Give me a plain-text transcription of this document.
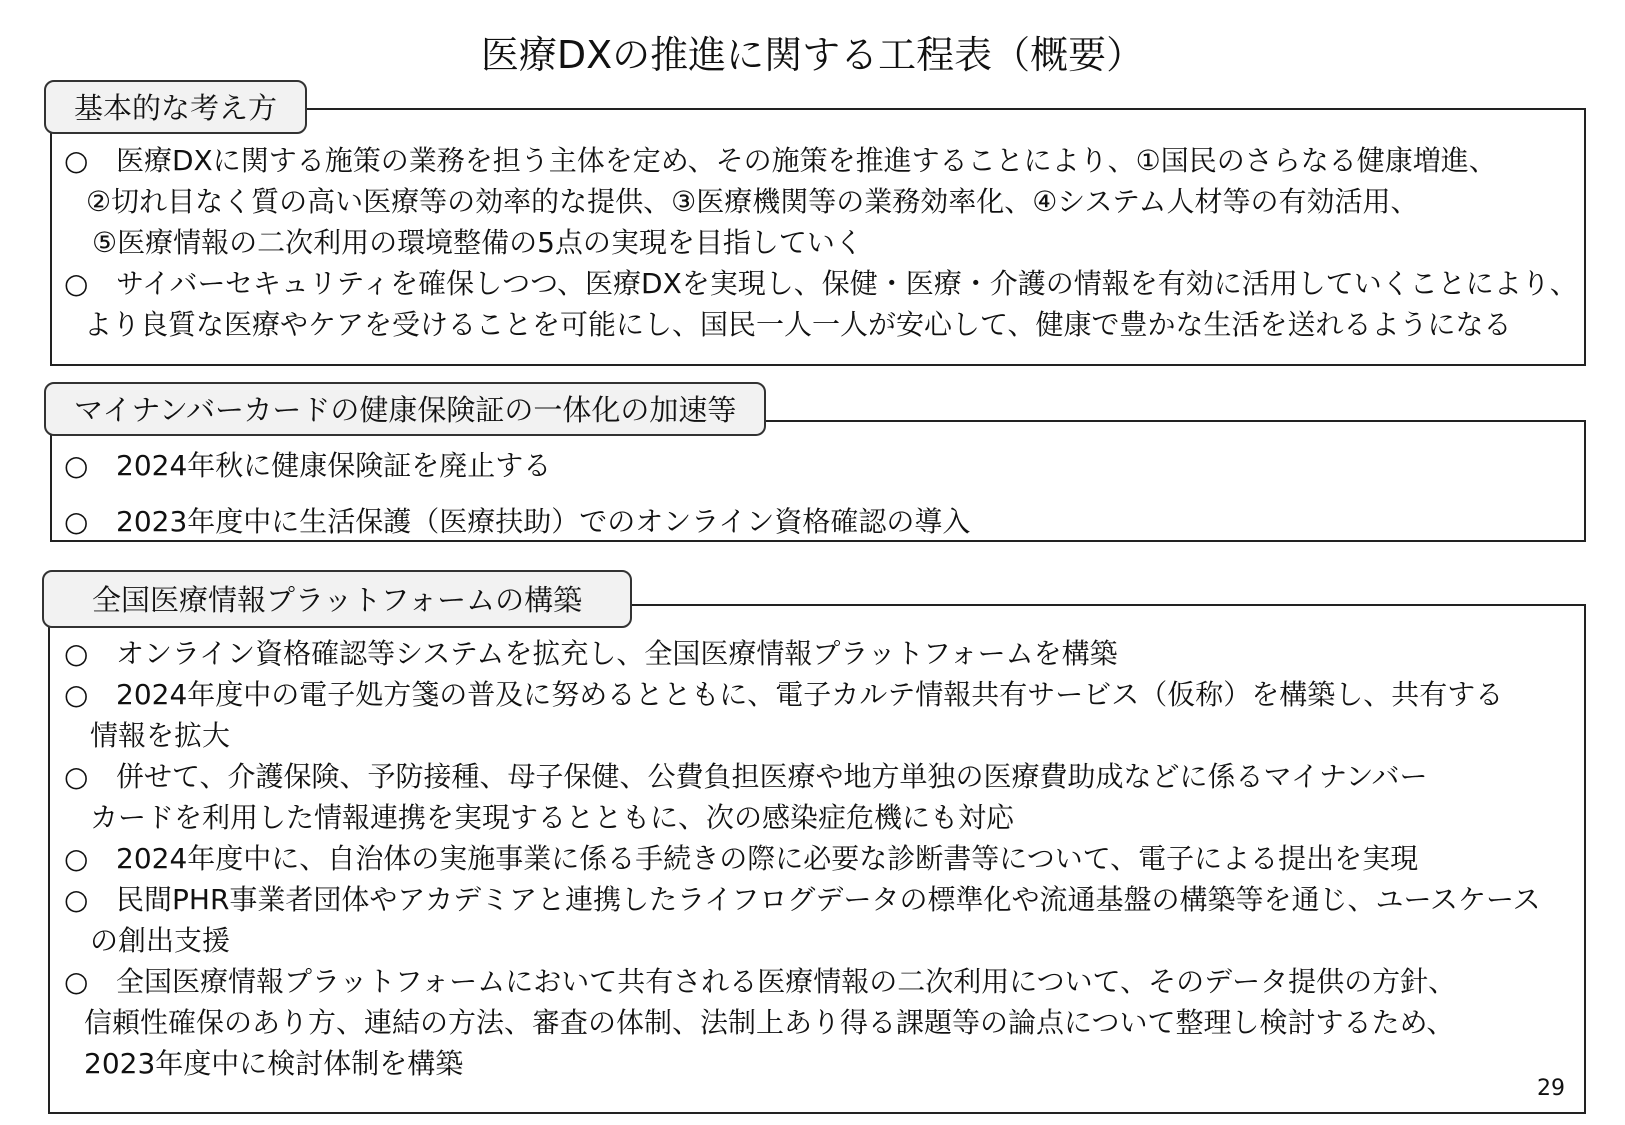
医療DXの推進に関する工程表（概要）
基本的な考え方

○ 医療DXに関する施策の業務を担う主体を定め、その施策を推進することにより、①国民のさらなる健康増進、

②切れ目なく質の高い医療等の効率的な提供、③医療機関等の業務効率化、④システム人材等の有効活用、

⑤医療情報の二次利用の環境整備の5点の実現を目指していく

○ サイバーセキュリティを確保しつつ、医療DXを実現し、保健・医療・介護の情報を有効に活用していくことにより、

より良質な医療やケアを受けることを可能にし、国民一人一人が安心して、健康で豊かな生活を送れるようになる

マイナンバーカードの健康保険証の一体化の加速等

○ 2024年秋に健康保険証を廃止する

○ 2023年度中に生活保護（医療扶助）でのオンライン資格確認の導入

全国医療情報プラットフォームの構築

○ オンライン資格確認等システムを拡充し、全国医療情報プラットフォームを構築

○ 2024年度中の電子処方箋の普及に努めるとともに、電子カルテ情報共有サービス（仮称）を構築し、共有する

情報を拡大

○ 併せて、介護保険、予防接種、母子保健、公費負担医療や地方単独の医療費助成などに係るマイナンバー

カードを利用した情報連携を実現するとともに、次の感染症危機にも対応

○ 2024年度中に、自治体の実施事業に係る手続きの際に必要な診断書等について、電子による提出を実現

○ 民間PHR事業者団体やアカデミアと連携したライフログデータの標準化や流通基盤の構築等を通じ、ユースケース

の創出支援

○ 全国医療情報プラットフォームにおいて共有される医療情報の二次利用について、そのデータ提供の方針、

信頼性確保のあり方、連結の方法、審査の体制、法制上あり得る課題等の論点について整理し検討するため、

2023年度中に検討体制を構築

29
